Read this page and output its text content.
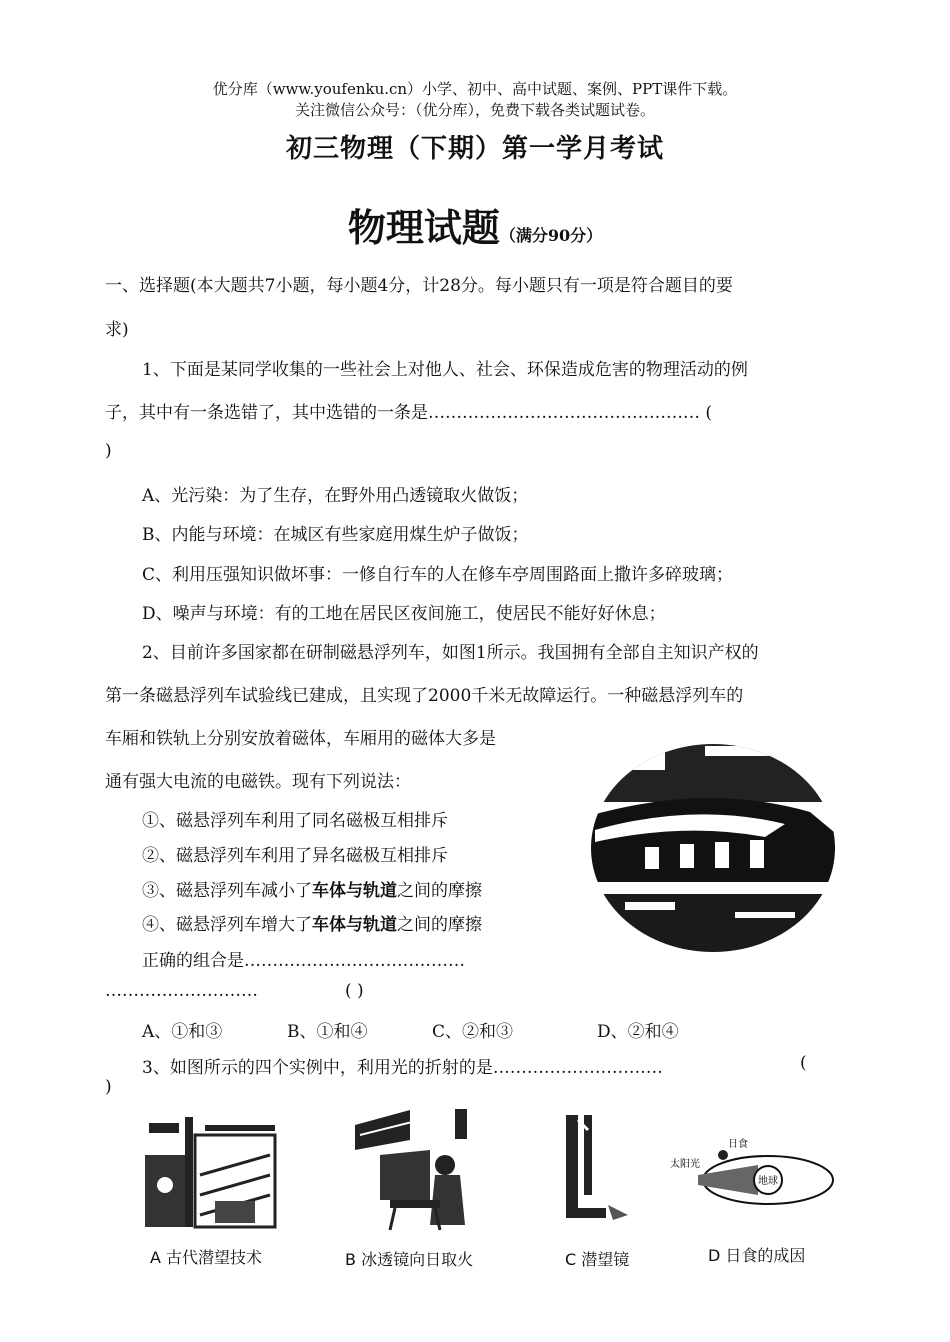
优分库（www.youfenku.cn）小学、初中、高中试题、案例、PPT课件下载。
关注微信公众号：（优分库），免费下载各类试题试卷。
初三物理（下期）第一学月考试
物理试题（满分90分）
一、选择题(本大题共7小题，每小题4分，计28分。每小题只有一项是符合题目的要
求)
1、下面是某同学收集的一些社会上对他人、社会、环保造成危害的物理活动的例
子，其中有一条选错了，其中选错的一条是………………………………………… (
)
A、光污染：为了生存，在野外用凸透镜取火做饭；
B、内能与环境：在城区有些家庭用煤生炉子做饭；
C、利用压强知识做坏事：一修自行车的人在修车亭周围路面上撒许多碎玻璃；
D、噪声与环境：有的工地在居民区夜间施工，使居民不能好好休息；
2、目前许多国家都在研制磁悬浮列车，如图1所示。我国拥有全部自主知识产权的
第一条磁悬浮列车试验线已建成，且实现了2000千米无故障运行。一种磁悬浮列车的
车厢和铁轨上分别安放着磁体，车厢用的磁体大多是
通有强大电流的电磁铁。现有下列说法：
①、磁悬浮列车利用了同名磁极互相排斥
②、磁悬浮列车利用了异名磁极互相排斥
③、磁悬浮列车减小了车体与轨道之间的摩擦
④、磁悬浮列车增大了车体与轨道之间的摩擦
正确的组合是…………………………………
………………………	( )
A、①和③	B、①和④	C、②和③	D、②和④
3、如图所示的四个实例中，利用光的折射的是…………………………	(
)
日食
太阳光
地球
A 古代潜望技术	B 冰透镜向日取火	C 潜望镜	D 日食的成因
